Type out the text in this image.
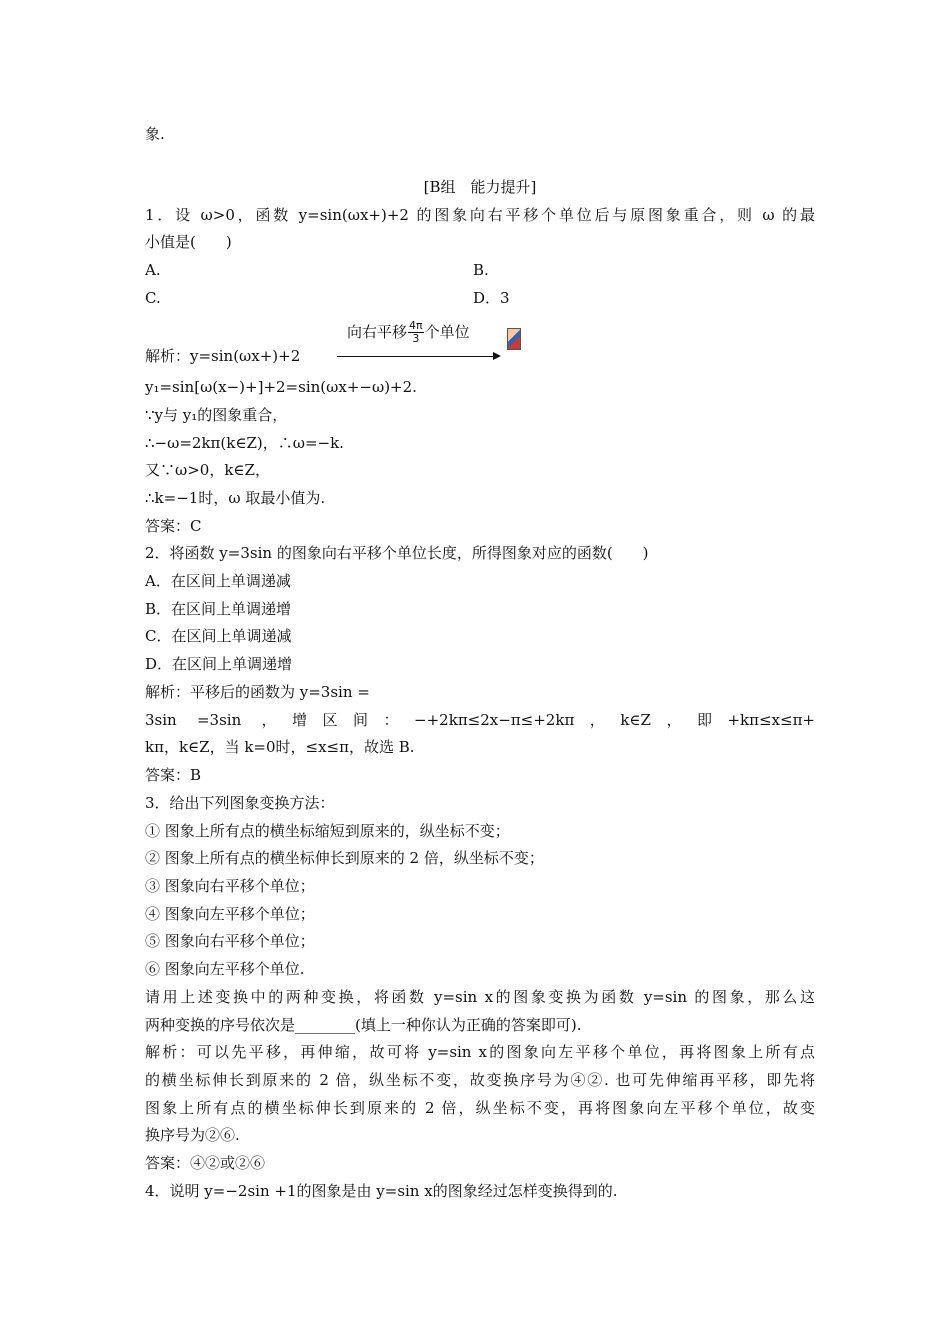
象.
[B组　能力提升]
1．设 ω>0，函数 y=sin(ωx+)+2 的图象向右平移个单位后与原图象重合，则 ω 的最
小值是(　　)
A.	B.
C.	D．3
向右平移 $\frac{4\pi}{3}$ 个单位
解析：y=sin(ωx+)+2
y₁=sin[ω(x−)+]+2=sin(ωx+−ω)+2.
∵y与 y₁的图象重合，
∴−ω=2kπ(k∈Z)，∴ω=−k.
又∵ω>0，k∈Z，
∴k=−1时，ω 取最小值为.
答案：C
2．将函数 y=3sin 的图象向右平移个单位长度，所得图象对应的函数(　　)
A．在区间上单调递减
B．在区间上单调递增
C．在区间上单调递减
D．在区间上单调递增
解析：平移后的函数为 y=3sin =
3sin =3sin ，增区间：−+2kπ≤2x−π≤+2kπ，k∈Z，即+kπ≤x≤π+
kπ，k∈Z，当 k=0时，≤x≤π，故选 B.
答案：B
3．给出下列图象变换方法：
① 图象上所有点的横坐标缩短到原来的，纵坐标不变；
② 图象上所有点的横坐标伸长到原来的 2 倍，纵坐标不变；
③ 图象向右平移个单位；
④ 图象向左平移个单位；
⑤ 图象向右平移个单位；
⑥ 图象向左平移个单位.
请用上述变换中的两种变换，将函数 y=sin x的图象变换为函数 y=sin 的图象，那么这
两种变换的序号依次是________(填上一种你认为正确的答案即可).
解析：可以先平移，再伸缩，故可将 y=sin x的图象向左平移个单位，再将图象上所有点
的横坐标伸长到原来的 2 倍，纵坐标不变，故变换序号为④②. 也可先伸缩再平移，即先将
图象上所有点的横坐标伸长到原来的 2 倍，纵坐标不变，再将图象向左平移个单位，故变
换序号为②⑥.
答案：④②或②⑥
4．说明 y=−2sin +1的图象是由 y=sin x的图象经过怎样变换得到的.
